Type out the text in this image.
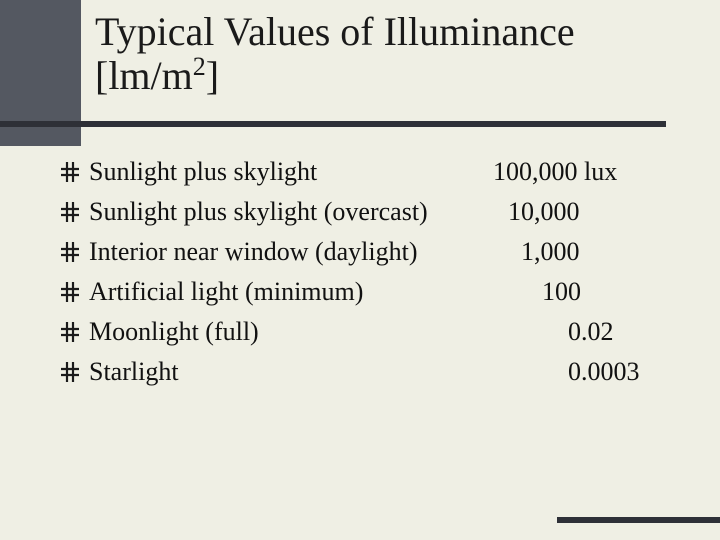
Typical Values of Illuminance
$[lm/m^2]$
Sunlight plus skylight	100,000 lux
Sunlight plus skylight (overcast)	10,000
Interior near window (daylight)	1,000
Artificial light (minimum)	100
Moonlight (full)	0.02
Starlight	0.0003
